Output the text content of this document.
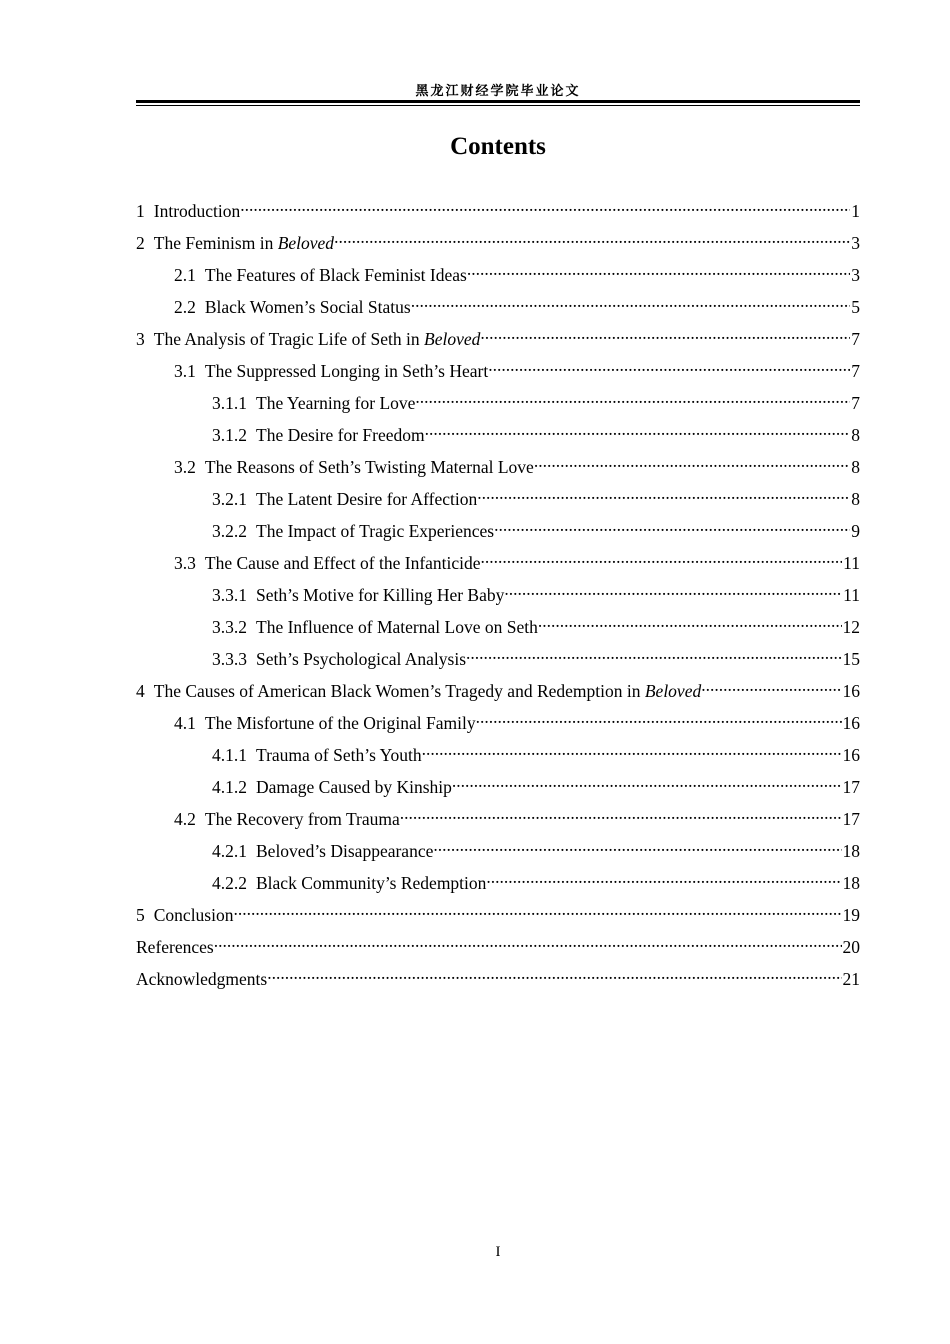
黑龙江财经学院毕业论文
Contents
1 Introduction .....	1
2 The Feminism in Beloved .....	3
2.1 The Features of Black Feminist Ideas .....	3
2.2 Black Women’s Social Status .....	5
3 The Analysis of Tragic Life of Seth in Beloved .....	7
3.1 The Suppressed Longing in Seth’s Heart .....	7
3.1.1 The Yearning for Love .....	7
3.1.2 The Desire for Freedom .....	8
3.2 The Reasons of Seth’s Twisting Maternal Love .....	8
3.2.1 The Latent Desire for Affection .....	8
3.2.2 The Impact of Tragic Experiences .....	9
3.3 The Cause and Effect of the Infanticide .....	11
3.3.1 Seth’s Motive for Killing Her Baby .....	11
3.3.2 The Influence of Maternal Love on Seth .....	12
3.3.3 Seth’s Psychological Analysis .....	15
4 The Causes of American Black Women’s Tragedy and Redemption in Beloved .....	16
4.1 The Misfortune of the Original Family .....	16
4.1.1 Trauma of Seth’s Youth .....	16
4.1.2 Damage Caused by Kinship .....	17
4.2 The Recovery from Trauma .....	17
4.2.1 Beloved’s Disappearance .....	18
4.2.2 Black Community’s Redemption .....	18
5 Conclusion .....	19
References .....	20
Acknowledgments .....	21
I
